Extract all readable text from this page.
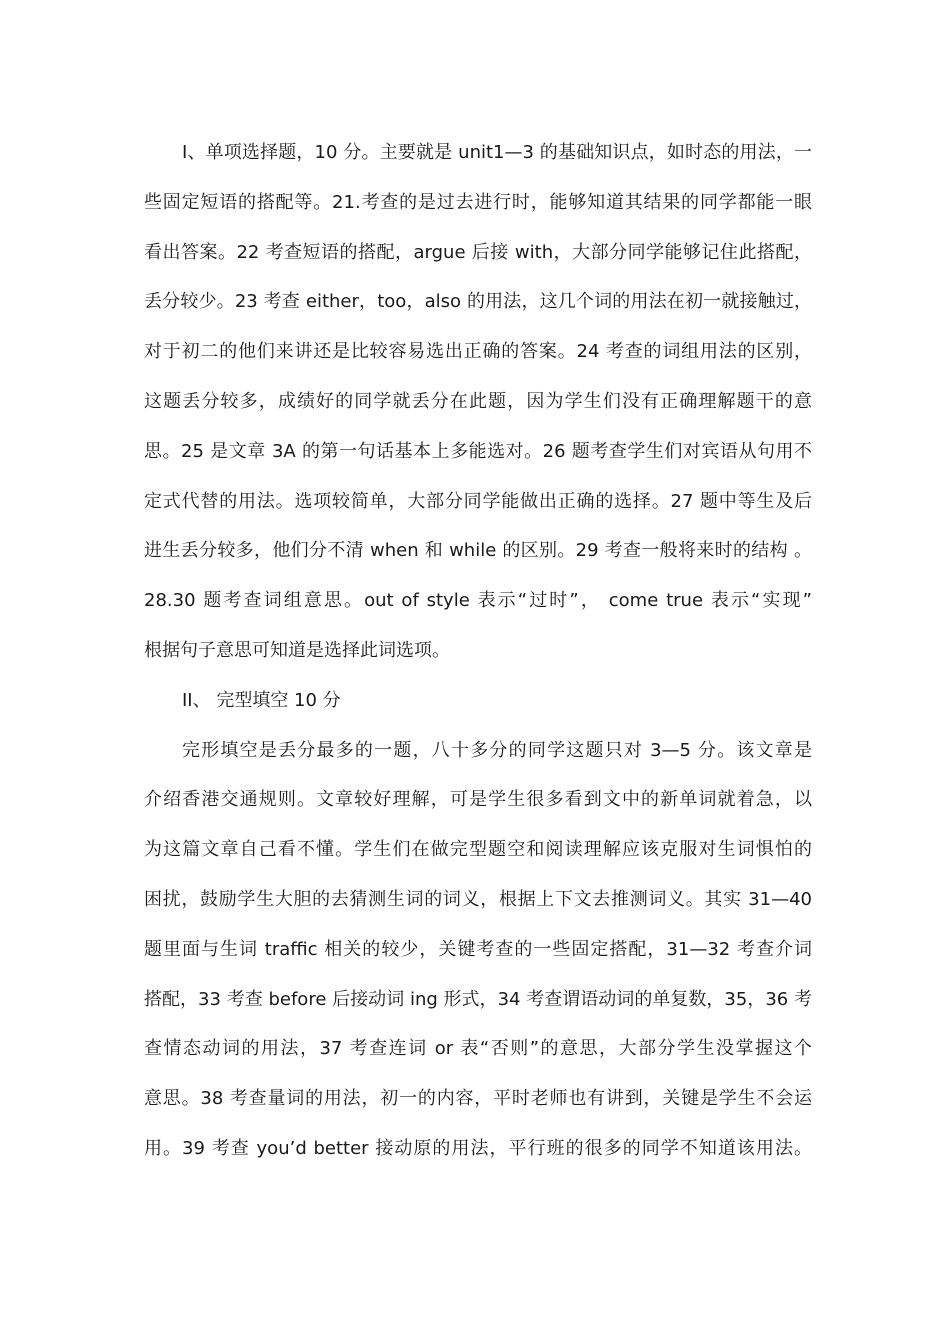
I、单项选择题，10 分。主要就是 unit1—3 的基础知识点，如时态的用法，一
些固定短语的搭配等。21.考查的是过去进行时，能够知道其结果的同学都能一眼
看出答案。22 考查短语的搭配，argue 后接 with，大部分同学能够记住此搭配，
丢分较少。23 考查 either，too，also 的用法，这几个词的用法在初一就接触过，
对于初二的他们来讲还是比较容易选出正确的答案。24 考查的词组用法的区别，
这题丢分较多，成绩好的同学就丢分在此题，因为学生们没有正确理解题干的意
思。25 是文章 3A 的第一句话基本上多能选对。26 题考查学生们对宾语从句用不
定式代替的用法。选项较简单，大部分同学能做出正确的选择。27 题中等生及后
进生丢分较多，他们分不清 when 和 while 的区别。29 考查一般将来时的结构 。
28.30 题考查词组意思。out of style 表示“过时”， come true 表示“实现”
根据句子意思可知道是选择此词选项。
II、 完型填空 10 分
完形填空是丢分最多的一题，八十多分的同学这题只对 3—5 分。该文章是
介绍香港交通规则。文章较好理解，可是学生很多看到文中的新单词就着急，以
为这篇文章自己看不懂。学生们在做完型题空和阅读理解应该克服对生词惧怕的
困扰，鼓励学生大胆的去猜测生词的词义，根据上下文去推测词义。其实 31—40
题里面与生词 traffic 相关的较少，关键考查的一些固定搭配，31—32 考查介词
搭配，33 考查 before 后接动词 ing 形式，34 考查谓语动词的单复数，35，36 考
查情态动词的用法，37 考查连词 or 表“否则”的意思，大部分学生没掌握这个
意思。38 考查量词的用法，初一的内容，平时老师也有讲到，关键是学生不会运
用。39 考查 you’d better 接动原的用法，平行班的很多的同学不知道该用法。
